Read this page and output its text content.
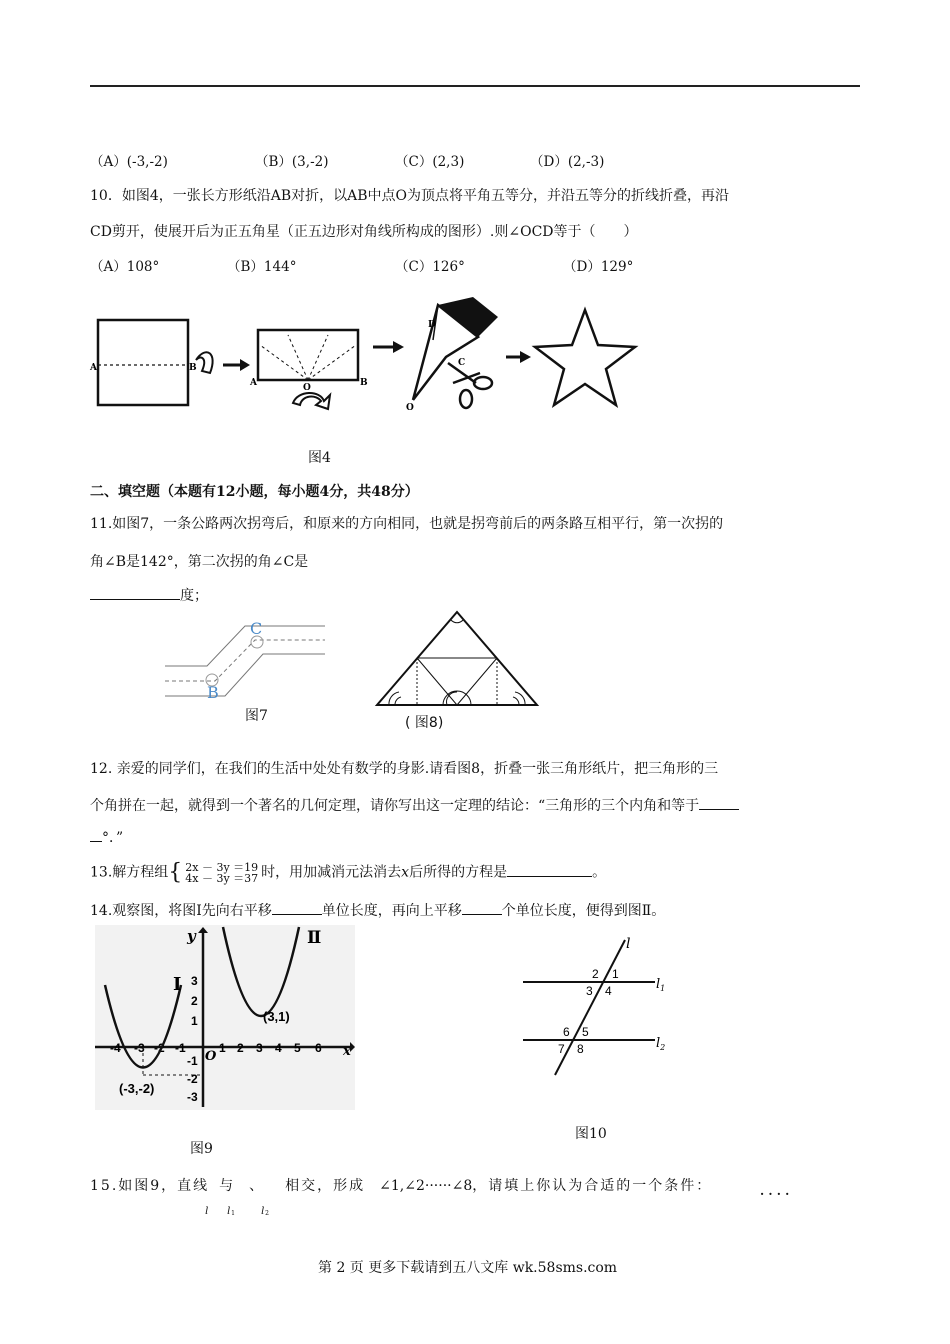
（A）(-3,-2)	（B）(3,-2)	（C）(2,3)	（D）(2,-3)
10．如图4，一张长方形纸沿AB对折，以AB中点O为顶点将平角五等分，并沿五等分的折线折叠，再沿
CD剪开，使展开后为正五角星（正五边形对角线所构成的图形）.则∠OCD等于（　　）
（A）108°	（B）144°	（C）126°	（D）129°
A	B
A	B
O
D
C
O
图4
二、填空题（本题有12小题，每小题4分，共48分）
11.如图7，一条公路两次拐弯后，和原来的方向相同，也就是拐弯前后的两条路互相平行，第一次拐的
角∠B是142°，第二次拐的角∠C是
度；
B
C
图7	( 图8)
12. 亲爱的同学们，在我们的生活中处处有数学的身影.请看图8，折叠一张三角形纸片，把三角形的三
个角拼在一起，就得到一个著名的几何定理，请你写出这一定理的结论：“三角形的三个内角和等于
°．”
13.解方程组{ 2x － 3y ＝19
4x － 3y ＝37 时，用加减消元法消去x后所得的方程是	。
14.观察图，将图Ⅰ先向右平移	单位长度，再向上平移	个单位长度，便得到图Ⅱ。
y
x
O
-4 -3 -2 -1	1 2 3 4 5 6
3
2
1
-1
-2
-3
Ⅰ
Ⅱ
(3,1)
(-3,-2)
图9
l
$l_1$
$l_2$
1
2
3 4
5
6
7 8
图10
15.如图9，直线
l
与
l
1
、
l
2
相交，形成 ∠1,∠2······∠8，请填上你认为合适的一个条件：	· · · ·
第 2 页 更多下载请到五八文库 wk.58sms.com
